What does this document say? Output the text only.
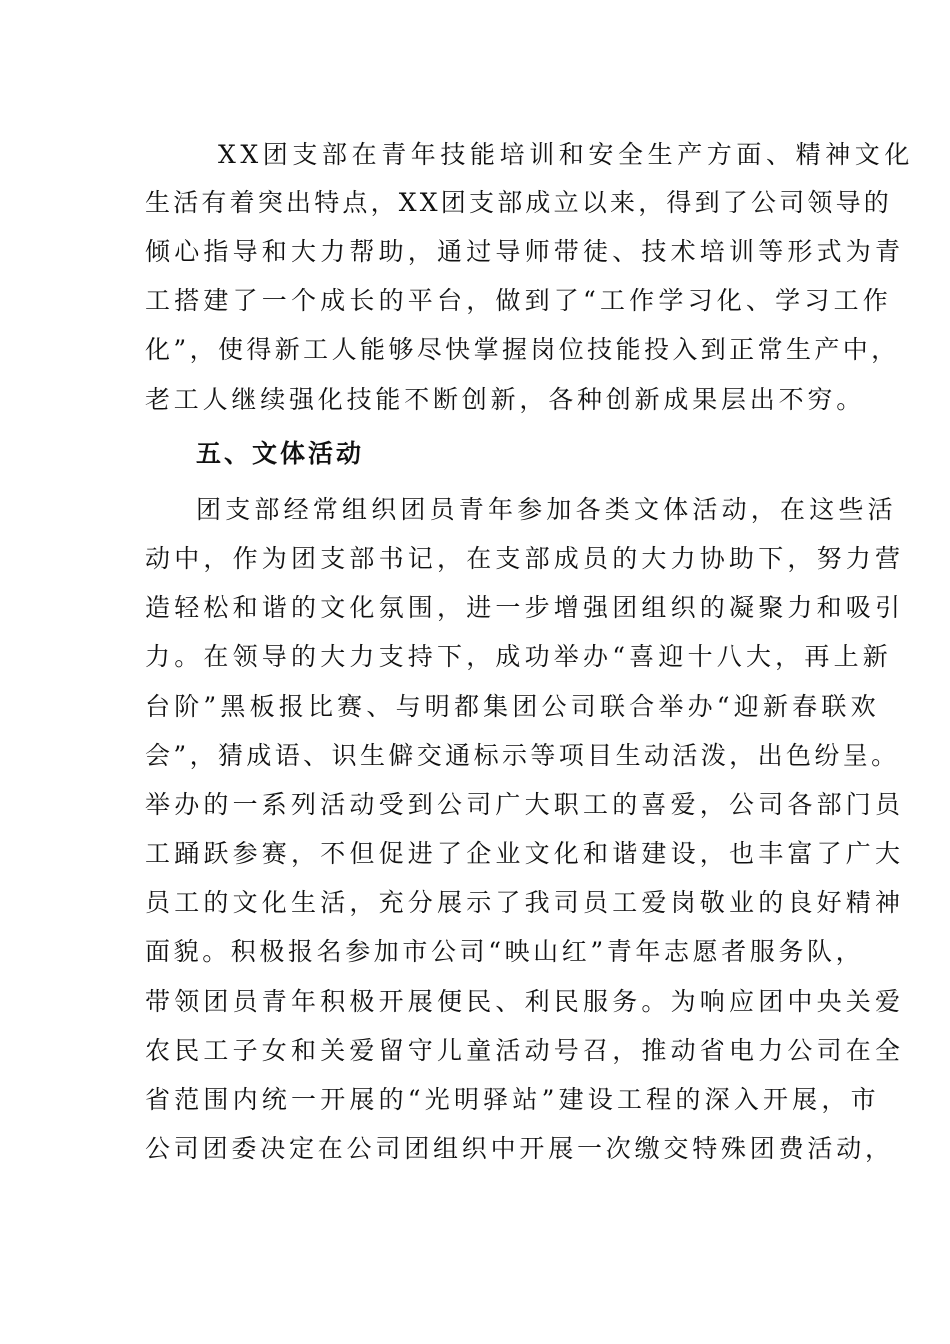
XX团支部在青年技能培训和安全生产方面、精神文化

生活有着突出特点，XX团支部成立以来，得到了公司领导的

倾心指导和大力帮助，通过导师带徒、技术培训等形式为青

工搭建了一个成长的平台，做到了“工作学习化、学习工作

化”，使得新工人能够尽快掌握岗位技能投入到正常生产中，

老工人继续强化技能不断创新，各种创新成果层出不穷。

五、文体活动

团支部经常组织团员青年参加各类文体活动，在这些活

动中，作为团支部书记，在支部成员的大力协助下，努力营

造轻松和谐的文化氛围，进一步增强团组织的凝聚力和吸引

力。在领导的大力支持下，成功举办“喜迎十八大，再上新

台阶”黑板报比赛、与明都集团公司联合举办“迎新春联欢

会”，猜成语、识生僻交通标示等项目生动活泼，出色纷呈。

举办的一系列活动受到公司广大职工的喜爱，公司各部门员

工踊跃参赛，不但促进了企业文化和谐建设，也丰富了广大

员工的文化生活，充分展示了我司员工爱岗敬业的良好精神

面貌。积极报名参加市公司“映山红”青年志愿者服务队，

带领团员青年积极开展便民、利民服务。为响应团中央关爱

农民工子女和关爱留守儿童活动号召，推动省电力公司在全

省范围内统一开展的“光明驿站”建设工程的深入开展，市

公司团委决定在公司团组织中开展一次缴交特殊团费活动，
